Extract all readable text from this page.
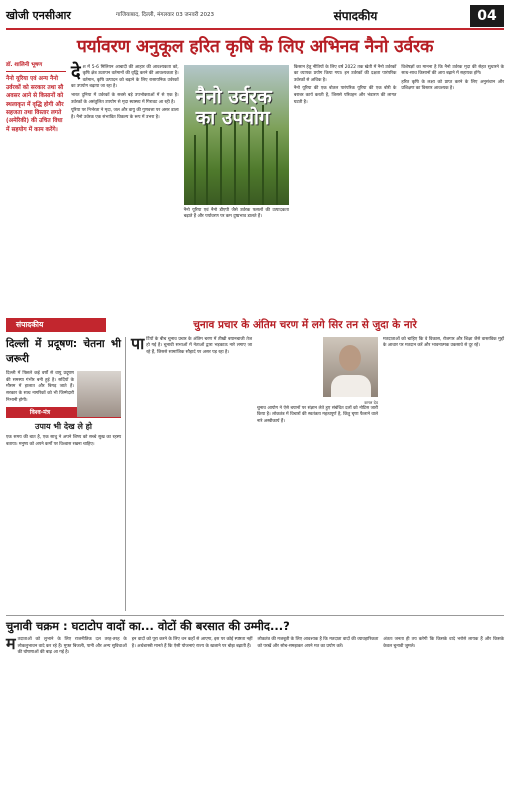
खोजी एनसीआर	गाजियाबाद, दिल्ली, मंगलवार 03 जनवरी 2023	संपादकीय	04
पर्यावरण अनुकूल हरित कृषि के लिए अभिनव नैनो उर्वरक

देश में 5-6 मिलियन आबादी की आहार की आवश्यकता को, कृषि क्षेत्र ऊतापन वर्तमानों की वृद्धि करने की आवश्यकता है। वर्तमान, कृषि उत्पादन को बढ़ाने के लिए रासायनिक उर्वरकों का उपयोग बढ़ाया जा रहा है।

भारत दुनिया में उर्वरकों के सबसे बड़े उपभोक्ताओं में से एक है। उर्वरकों के असंतुलित उपयोग से मृदा स्वास्थ्य में गिरावट आ रही है।

यूरिया पर निर्भरता ने मृदा, जल और वायु की गुणवत्ता पर असर डाला है। नैनो उर्वरक एक संभावित विकल्प के रूप में उभरा है।

नैनो उर्वरक
का उपयोग

नैनो यूरिया एवं नैनो डीएपी जैसे उर्वरक फसलों की उत्पादकता बढ़ाते हैं और पर्यावरण पर कम दुष्प्रभाव डालते हैं।

किसान हेतु नीतियों के लिए वर्ष 2022 तक खेती में नैनो उर्वरकों का व्यापक प्रयोग किया गया। इन उर्वरकों की दक्षता पारंपरिक उर्वरकों से अधिक है।

नैनो यूरिया की एक बोतल पारंपरिक यूरिया की एक बोरी के बराबर कार्य करती है, जिससे परिवहन और भंडारण की लागत घटती है।

विशेषज्ञों का मानना है कि नैनो उर्वरक मृदा की सेहत सुधारने के साथ-साथ किसानों की आय बढ़ाने में सहायक होंगे।

हरित कृषि के लक्ष्य को प्राप्त करने के लिए अनुसंधान और प्रशिक्षण का विस्तार आवश्यक है।

डॉ. शालिनी भूषण
नैनो यूरिया एवं अन्य नैनो उर्वरकों को सरकार तथा सौ अवसर आने से किसानों को स्थलाकृत में वृद्धि होगी और सहजता तथा विस्तार लगते (अमेरिकी) की उचित विधा में सहयोग में काम करेंगे।
संपादकीय	चुनाव प्रचार के अंतिम चरण में लगे सिर तन से जुदा के नारे
दिल्ली में प्रदूषण: चेतना भी जरूरी

दिल्ली में पिछले कई वर्षों से वायु प्रदूषण की समस्या गंभीर बनी हुई है। सर्दियों के मौसम में हालात और बिगड़ जाते हैं। सरकार के साथ नागरिकों को भी जिम्मेदारी निभानी होगी।

विश्व-मंत्र
उपाय भी देख ले हो

एक समय की बात है, एक साधु ने अपने शिष्य को सच्चे सुख का रहस्य बताया। मनुष्य को अपने कर्मों पर विश्वास रखना चाहिए।

पार्टियों के बीच चुनाव प्रचार के अंतिम चरण में तीखी बयानबाजी तेज हो गई है। चुनावी सभाओं में नेताओं द्वारा भड़काऊ नारे लगाए जा रहे हैं, जिससे सामाजिक सौहार्द पर असर पड़ रहा है।

कमल देव

चुनाव आयोग ने ऐसे बयानों पर संज्ञान लेते हुए संबंधित दलों को नोटिस जारी किया है। लोकतंत्र में विचारों की स्वतंत्रता महत्वपूर्ण है, किंतु घृणा फैलाने वाले नारे अस्वीकार्य हैं।

मतदाताओं को चाहिए कि वे विकास, रोजगार और शिक्षा जैसे वास्तविक मुद्दों के आधार पर मतदान करें और भावनात्मक उकसावे से दूर रहें।

चुनावी चक्रम : घटाटोप वादों का... वोटों की बरसात की उम्मीद...?

मतदाताओं को लुभाने के लिए राजनीतिक दल तरह-तरह के लोकलुभावन वादे कर रहे हैं। मुफ्त बिजली, पानी और अन्य सुविधाओं की घोषणाओं की बाढ़ आ गई है।

इन वादों को पूरा करने के लिए धन कहाँ से आएगा, इस पर कोई स्पष्टता नहीं है। अर्थशास्त्री मानते हैं कि ऐसी योजनाएं राज्य के खजाने पर बोझ बढ़ाती हैं।

लोकतंत्र की मजबूती के लिए आवश्यक है कि मतदाता वादों की व्यावहारिकता को परखें और सोच-समझकर अपने मत का प्रयोग करें।

अंततः जनता ही तय करेगी कि किसके वादे भरोसे लायक हैं और किसके केवल चुनावी जुमले।
